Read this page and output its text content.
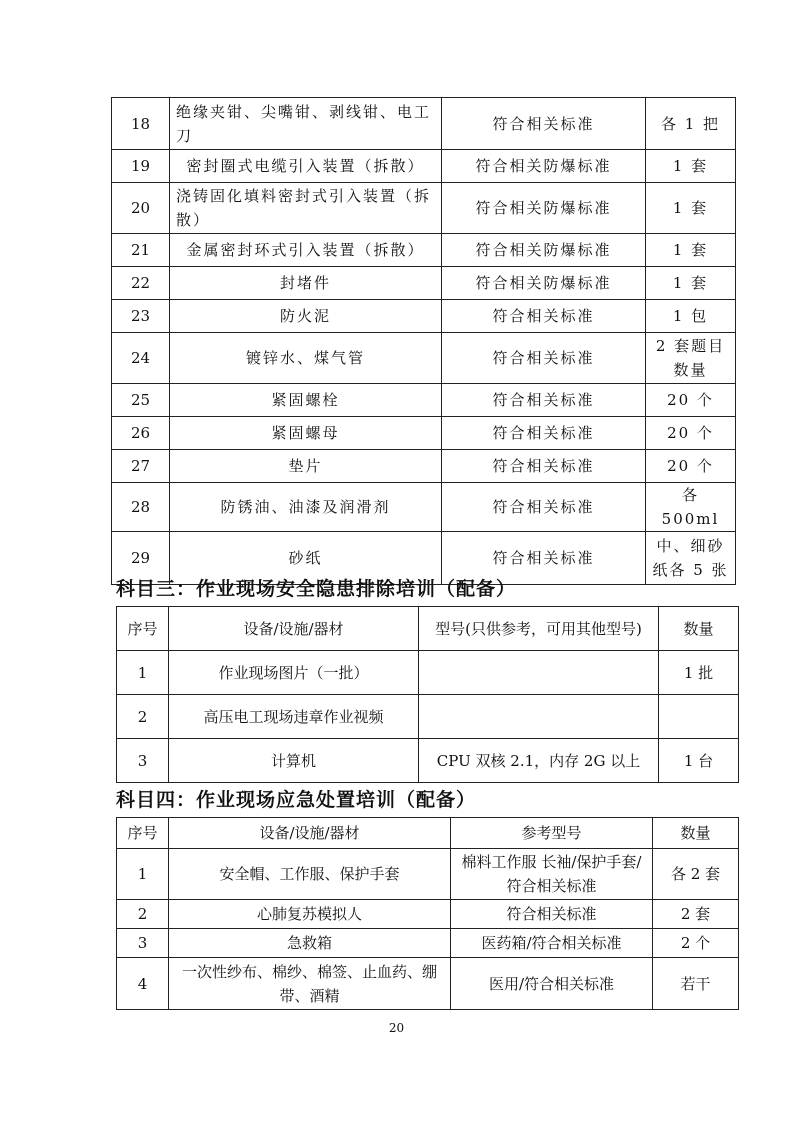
18	绝缘夹钳、尖嘴钳、剥线钳、电工刀	符合相关标准	各 1 把
19	密封圈式电缆引入装置（拆散）	符合相关防爆标准	1 套
20	浇铸固化填料密封式引入装置（拆散）	符合相关防爆标准	1 套
21	金属密封环式引入装置（拆散）	符合相关防爆标准	1 套
22	封堵件	符合相关防爆标准	1 套
23	防火泥	符合相关标准	1 包
24	镀锌水、煤气管	符合相关标准	2 套题目数量
25	紧固螺栓	符合相关标准	20 个
26	紧固螺母	符合相关标准	20 个
27	垫片	符合相关标准	20 个
28	防锈油、油漆及润滑剂	符合相关标准	各 500ml
29	砂纸	符合相关标准	中、细砂纸各 5 张
科目三：作业现场安全隐患排除培训（配备）
序号	设备/设施/器材	型号(只供参考，可用其他型号)	数量
1	作业现场图片（一批）		1 批
2	高压电工现场违章作业视频		
3	计算机	CPU 双核 2.1，内存 2G 以上	1 台
科目四：作业现场应急处置培训（配备）
序号	设备/设施/器材	参考型号	数量
1	安全帽、工作服、保护手套	棉料工作服 长袖/保护手套/符合相关标准	各 2 套
2	心肺复苏模拟人	符合相关标准	2 套
3	急救箱	医药箱/符合相关标准	2 个
4	一次性纱布、棉纱、棉签、止血药、绷带、酒精	医用/符合相关标准	若干
20
